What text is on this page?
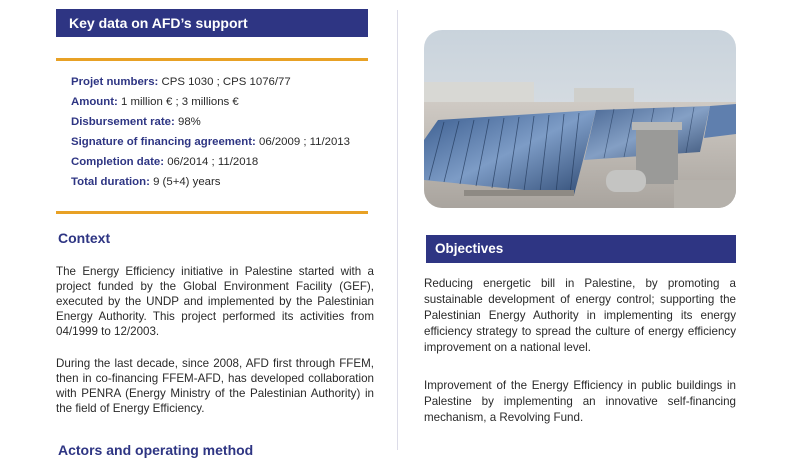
Key data on AFD’s support
Projet numbers: CPS 1030 ; CPS 1076/77
Amount: 1 million € ; 3 millions €
Disbursement rate: 98%
Signature of financing agreement: 06/2009 ; 11/2013
Completion date: 06/2014 ; 11/2018
Total duration: 9 (5+4) years
Context

The Energy Efficiency initiative in Palestine started with a project funded by the Global Environment Facility (GEF), executed by the UNDP and implemented by the Palestinian Energy Authority. This project performed its activities from 04/1999 to 12/2003.

During the last decade, since 2008, AFD first through FFEM, then in co-financing FFEM-AFD, has developed collaboration with PENRA (Energy Ministry of the Palestinian Authority) in the field of Energy Efficiency.

Actors and operating method
Objectives

Reducing energetic bill in Palestine, by promoting a sustainable development of energy control; supporting the Palestinian Energy Authority in implementing its energy efficiency strategy to spread the culture of energy efficiency improvement on a national level.

Improvement of the Energy Efficiency in public buildings in Palestine by implementing an innovative self-financing mechanism, a Revolving Fund.
